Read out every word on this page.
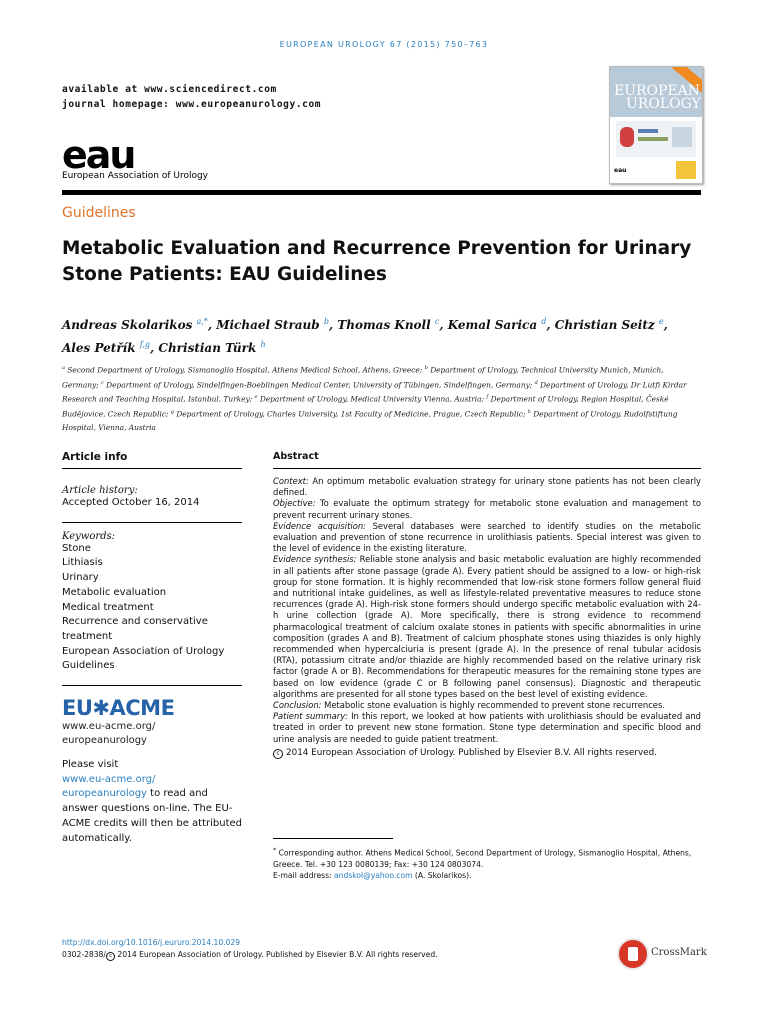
EUROPEAN UROLOGY 67 (2015) 750–763
available at www.sciencedirect.com
journal homepage: www.europeanurology.com
eau
European Association of Urology
EUROPEAN
UROLOGY
eau
Guidelines
Metabolic Evaluation and Recurrence Prevention for Urinary Stone Patients: EAU Guidelines
Andreas Skolarikos $^{a,*}$, Michael Straub $^b$, Thomas Knoll $^c$, Kemal Sarica $^d$, Christian Seitz $^e$,
Ales Petřík $^{f,g}$, Christian Türk $^h$
$^a$ Second Department of Urology, Sismanoglio Hospital, Athens Medical School, Athens, Greece; $^b$ Department of Urology, Technical University Munich, Munich, Germany; $^c$ Department of Urology, Sindelfingen-Boeblingen Medical Center, University of Tübingen, Sindelfingen, Germany; $^d$ Department of Urology, Dr Lutfi Kirdar Research and Teaching Hospital, Istanbul, Turkey; $^e$ Department of Urology, Medical University Vienna, Austria; $^f$ Department of Urology, Region Hospital, České Budějovice, Czech Republic; $^g$ Department of Urology, Charles University, 1st Faculty of Medicine, Prague, Czech Republic; $^h$ Department of Urology, Rudolfstiftung Hospital, Vienna, Austria
Article info
Article history:
Accepted October 16, 2014
Keywords:
Stone
Lithiasis
Urinary
Metabolic evaluation
Medical treatment
Recurrence and conservative treatment
European Association of Urology Guidelines
EU✱ACME
www.eu-acme.org/
europeanurology
Please visit
www.eu-acme.org/
europeanurology to read and answer questions on-line. The EU-ACME credits will then be attributed automatically.
Abstract

Context: An optimum metabolic evaluation strategy for urinary stone patients has not been clearly defined.

Objective: To evaluate the optimum strategy for metabolic stone evaluation and management to prevent recurrent urinary stones.

Evidence acquisition: Several databases were searched to identify studies on the metabolic evaluation and prevention of stone recurrence in urolithiasis patients. Special interest was given to the level of evidence in the existing literature.

Evidence synthesis: Reliable stone analysis and basic metabolic evaluation are highly recommended in all patients after stone passage (grade A). Every patient should be assigned to a low- or high-risk group for stone formation. It is highly recommended that low-risk stone formers follow general fluid and nutritional intake guidelines, as well as lifestyle-related preventative measures to reduce stone recurrences (grade A). High-risk stone formers should undergo specific metabolic evaluation with 24-h urine collection (grade A). More specifically, there is strong evidence to recommend pharmacological treatment of calcium oxalate stones in patients with specific abnormalities in urine composition (grades A and B). Treatment of calcium phosphate stones using thiazides is only highly recommended when hypercalciuria is present (grade A). In the presence of renal tubular acidosis (RTA), potassium citrate and/or thiazide are highly recommended based on the relative urinary risk factor (grade A or B). Recommendations for therapeutic measures for the remaining stone types are based on low evidence (grade C or B following panel consensus). Diagnostic and therapeutic algorithms are presented for all stone types based on the best level of existing evidence.

Conclusion: Metabolic stone evaluation is highly recommended to prevent stone recurrences.

Patient summary: In this report, we looked at how patients with urolithiasis should be evaluated and treated in order to prevent new stone formation. Stone type determination and specific blood and urine analysis are needed to guide patient treatment.

c 2014 European Association of Urology. Published by Elsevier B.V. All rights reserved.
* Corresponding author. Athens Medical School, Second Department of Urology, Sismanoglio Hospital, Athens, Greece. Tel. +30 123 0080139; Fax: +30 124 0803074.
E-mail address: andskol@yahoo.com (A. Skolarikos).
http://dx.doi.org/10.1016/j.eururo.2014.10.029
0302-2838/ c 2014 European Association of Urology. Published by Elsevier B.V. All rights reserved.	CrossMark
